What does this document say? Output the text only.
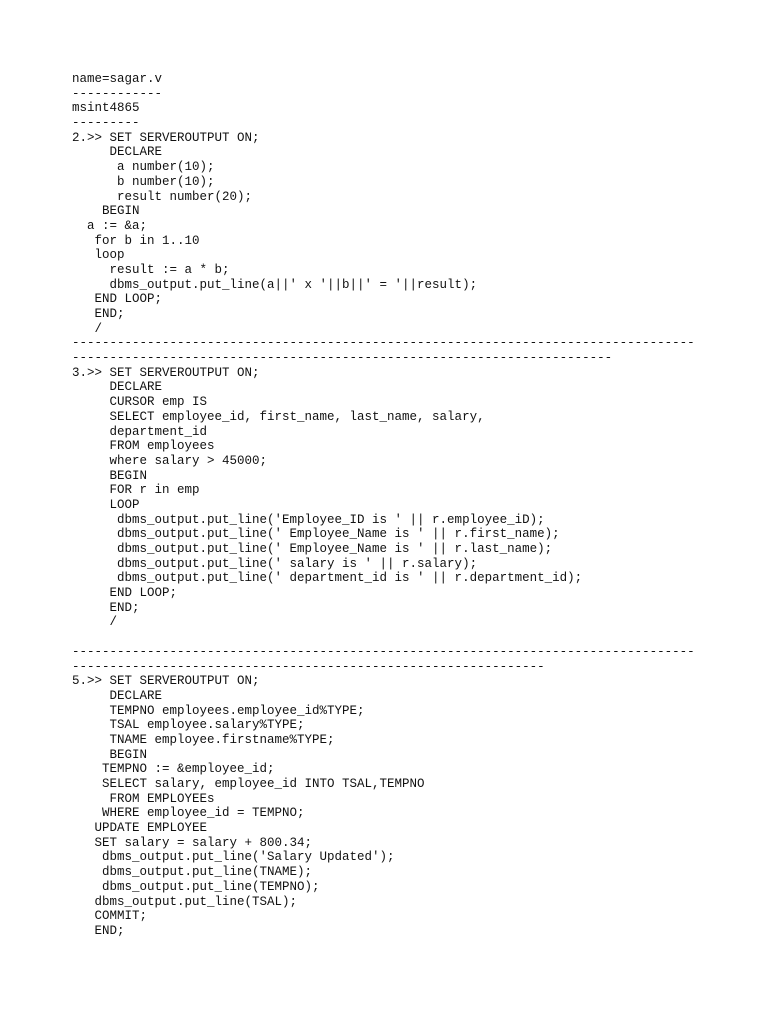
name=sagar.v
------------
msint4865
---------
2.>> SET SERVEROUTPUT ON;
DECLARE
a number(10);
b number(10);
result number(20);
BEGIN
a := &a;
for b in 1..10
loop
result := a * b;
dbms_output.put_line(a||' x '||b||' = '||result);
END LOOP;
END;
/
-----------------------------------------------------------------------------------
------------------------------------------------------------------------
3.>> SET SERVEROUTPUT ON;
DECLARE
CURSOR emp IS
SELECT employee_id, first_name, last_name, salary,
department_id
FROM employees
where salary > 45000;
BEGIN
FOR r in emp
LOOP
dbms_output.put_line('Employee_ID is ' || r.employee_iD);
dbms_output.put_line(' Employee_Name is ' || r.first_name);
dbms_output.put_line(' Employee_Name is ' || r.last_name);
dbms_output.put_line(' salary is ' || r.salary);
dbms_output.put_line(' department_id is ' || r.department_id);
END LOOP;
END;
/
-----------------------------------------------------------------------------------
---------------------------------------------------------------
5.>> SET SERVEROUTPUT ON;
DECLARE
TEMPNO employees.employee_id%TYPE;
TSAL employee.salary%TYPE;
TNAME employee.firstname%TYPE;
BEGIN
TEMPNO := &employee_id;
SELECT salary, employee_id INTO TSAL,TEMPNO
FROM EMPLOYEEs
WHERE employee_id = TEMPNO;
UPDATE EMPLOYEE
SET salary = salary + 800.34;
dbms_output.put_line('Salary Updated');
dbms_output.put_line(TNAME);
dbms_output.put_line(TEMPNO);
dbms_output.put_line(TSAL);
COMMIT;
END;
